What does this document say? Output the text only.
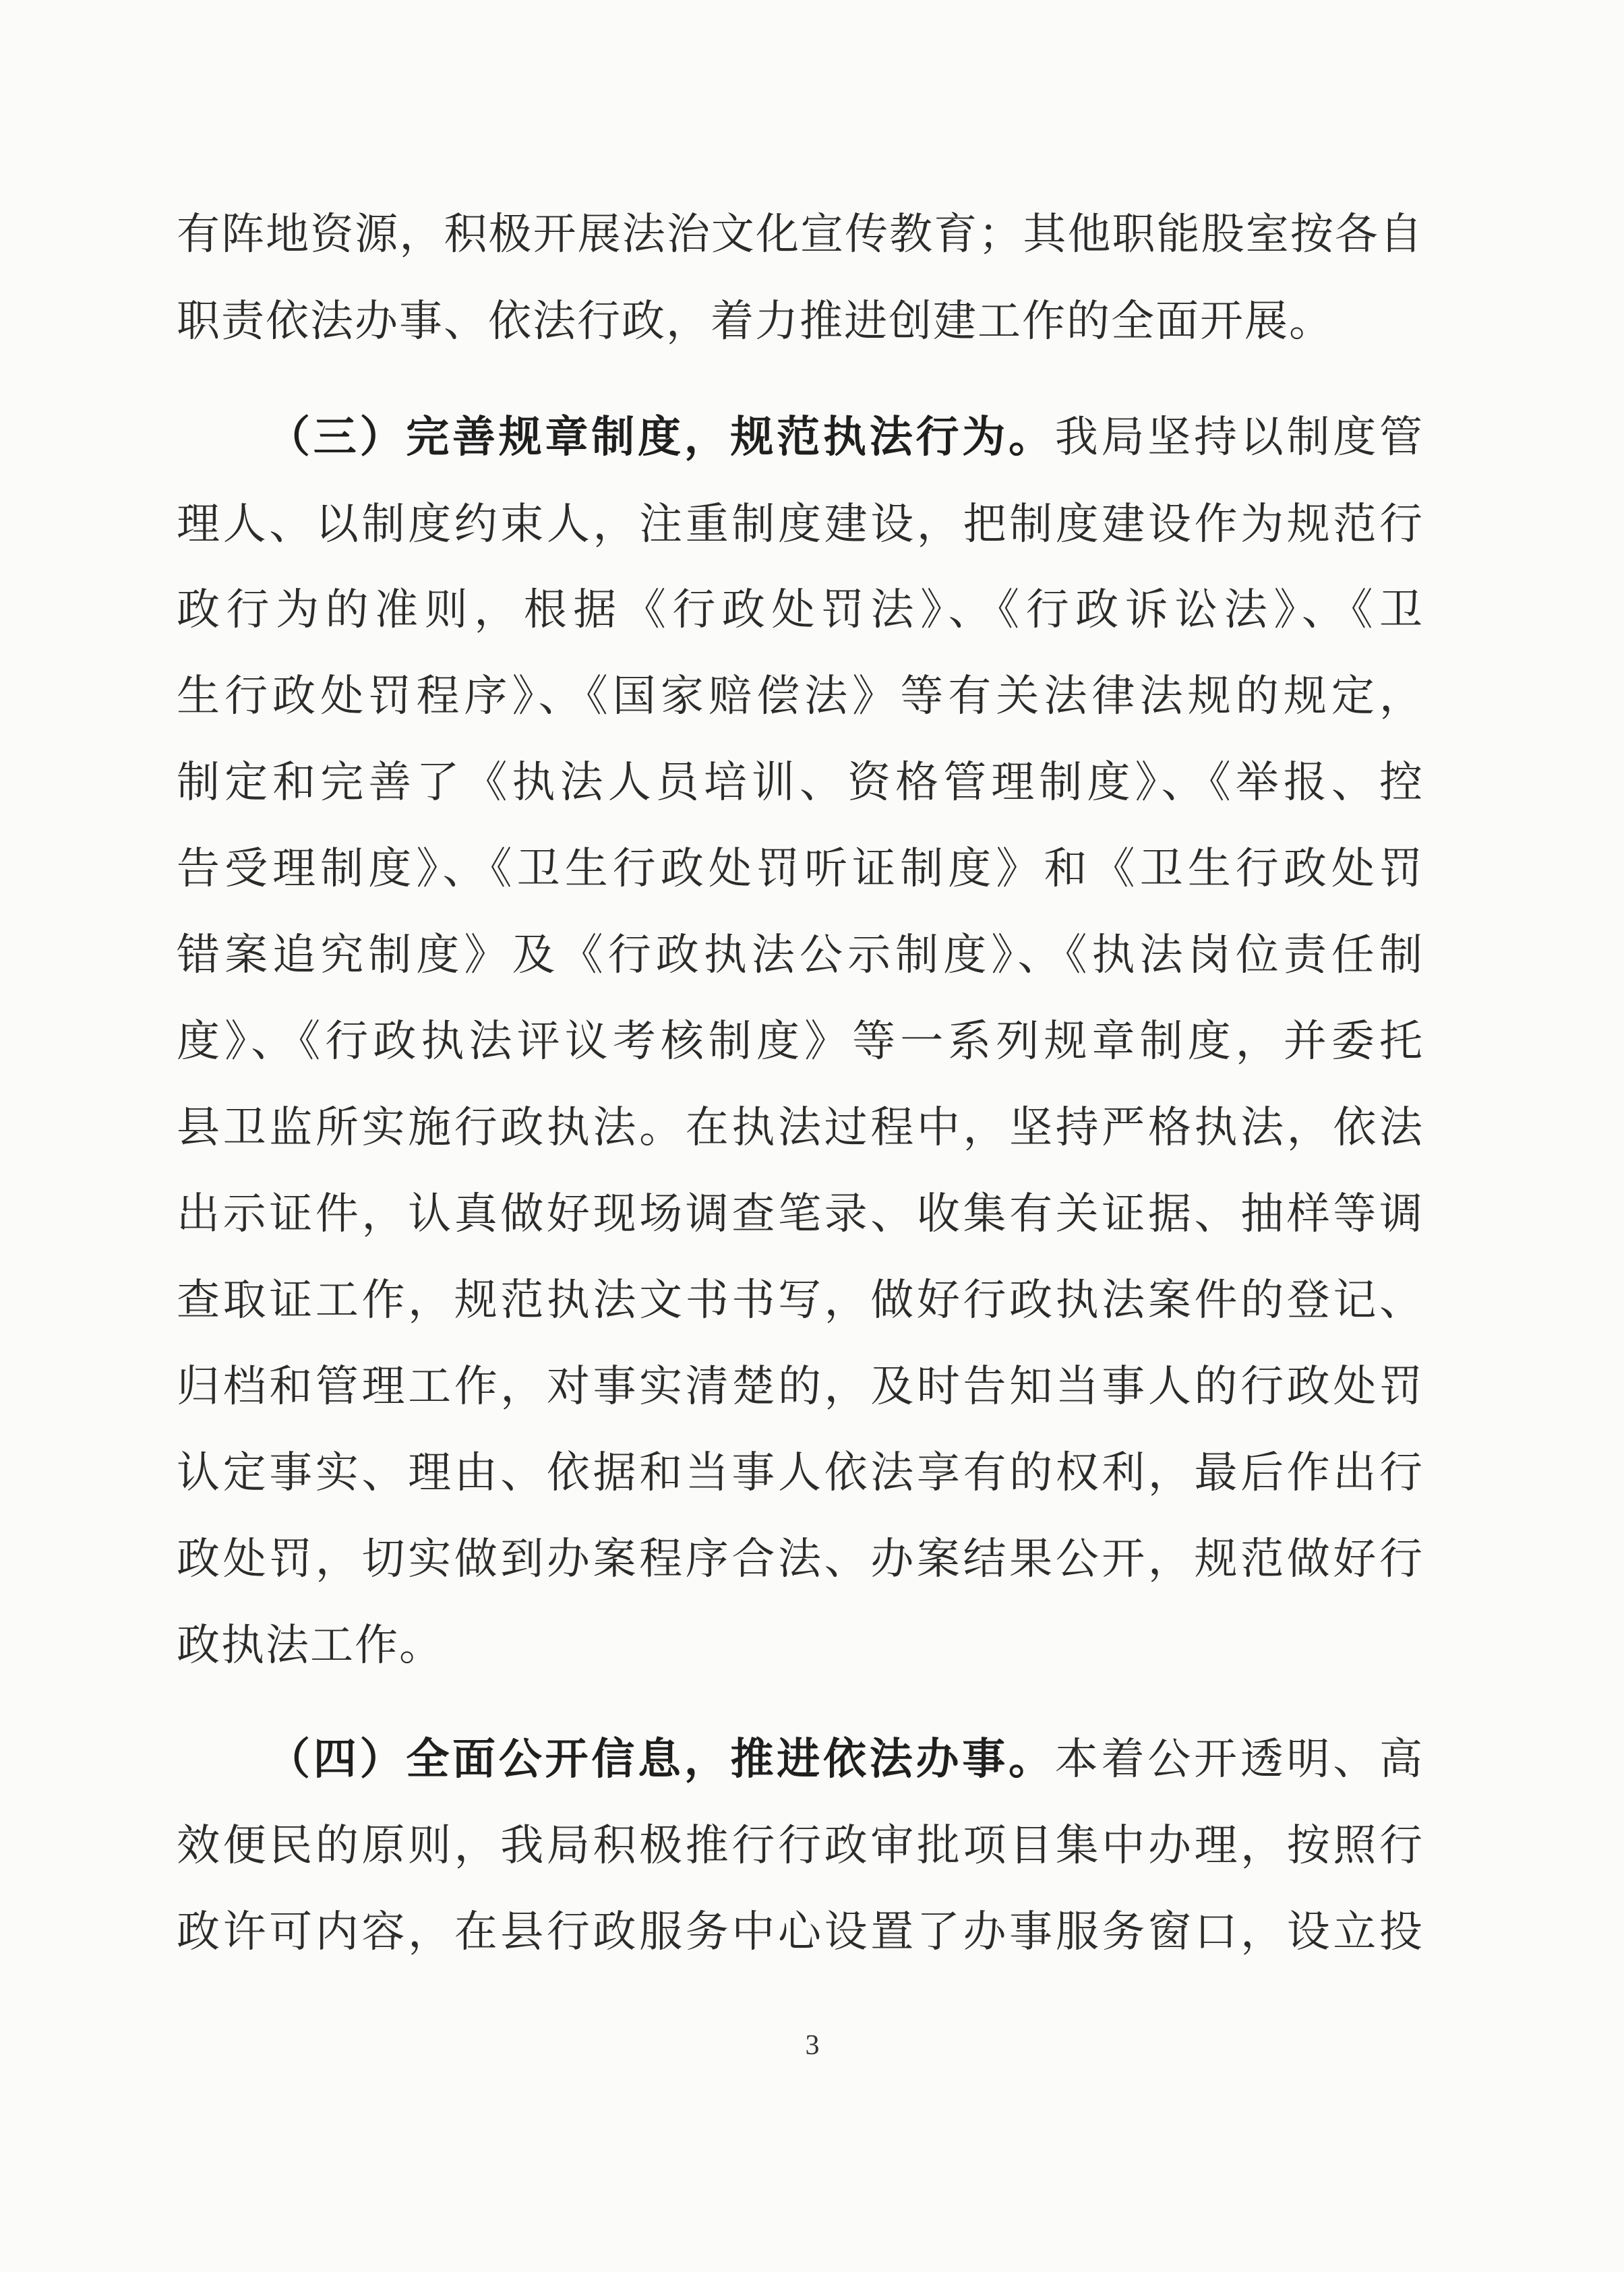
有阵地资源，积极开展法治文化宣传教育；其他职能股室按各自
职责依法办事、依法行政，着力推进创建工作的全面开展。
（三）完善规章制度，规范执法行为。我局坚持以制度管
理人、以制度约束人，注重制度建设，把制度建设作为规范行
政行为的准则，根据《行政处罚法》、《行政诉讼法》、《卫
生行政处罚程序》、《国家赔偿法》等有关法律法规的规定，
制定和完善了《执法人员培训、资格管理制度》、《举报、控
告受理制度》、《卫生行政处罚听证制度》和《卫生行政处罚
错案追究制度》及《行政执法公示制度》、《执法岗位责任制
度》、《行政执法评议考核制度》等一系列规章制度，并委托
县卫监所实施行政执法。在执法过程中，坚持严格执法，依法
出示证件，认真做好现场调查笔录、收集有关证据、抽样等调
查取证工作，规范执法文书书写，做好行政执法案件的登记、
归档和管理工作，对事实清楚的，及时告知当事人的行政处罚
认定事实、理由、依据和当事人依法享有的权利，最后作出行
政处罚，切实做到办案程序合法、办案结果公开，规范做好行
政执法工作。
（四）全面公开信息，推进依法办事。本着公开透明、高
效便民的原则，我局积极推行行政审批项目集中办理，按照行
政许可内容，在县行政服务中心设置了办事服务窗口，设立投
3
